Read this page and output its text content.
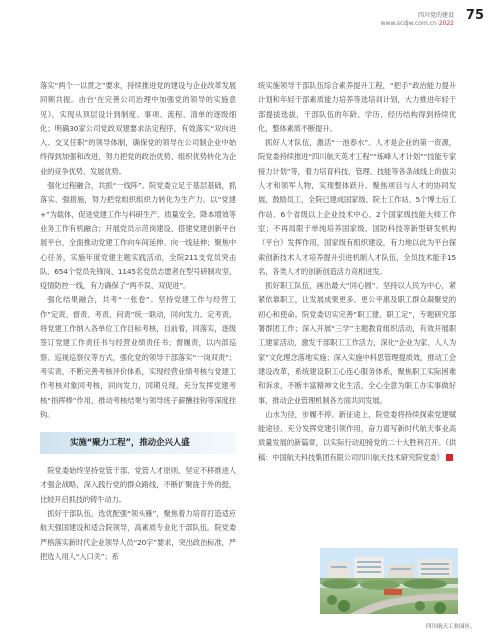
四川党的建设
www.scdjw.com.cn 2022
75

落实“两个一以贯之”要求，持续推进党的建设与企业改革发展同频共振。由台‘在完善公司治理中加强党的领导的实施意见》，实现从顶层设计到制度、事项、流程、清单的逐级细化；明确30家公司党政双建要求法定程序，有效落实“双向进入、交叉任职”的领导体制，确保党的领导在公司制企业中始终得到加强和改进，努力把党的政治优势、组织优势转化为企业的竞争优势、发展优势。

强化过程融合，共抓“一线阵”。院党委立足于基层基础，抓落实、强措施，努力把党组织组织力转化为生产力。以“党建+”为载体，促进党建工作与科研生产、质量安全、降本增效等业务工作有机融合；开展党员示范岗建设、搭建党建创新平台展平台，全面推动党建工作向车间延伸、向一线延伸；聚焦中心任务，实施年度党建主题实践活动，全院211支党员突击队、654个党员先锋岗、1145名党员志愿者在型号研制攻坚、疫情防控一线，有力确保了“两不误、双促进”。

强化结果融合，共考“一张卷”。坚持党建工作与经营工作“定责、督责、考责、问责”统一联动，同向发力。定考责，将党建工作纳入各单位工作目标考核，目前看，同落实，逐级签订党建工作责任书与经营业绩责任书；督履责，以内部巡察、巡视巡察仪等方式，强化党的领导干部落实“一岗双责”；考实责，不断完善考核评价体系，实现经营业绩考核与党建工作考核对象同考核，同向发力，同期兑现，充分发挥党建考核“指挥棒”作用，推动考核结果与领导班子薪酬挂钩等深度挂钩。

实施“聚力工程”，推动企兴人盛

院党委始终坚持党管干部、党管人才原则，坚定不移推进人才强企战略，深入践行党的群众路线，不断扩聚拢于外的挺，比较开启抓技的铸牛动力。

抓好干部队伍，选优配强“领头雁”，聚焦着力培育打造适应航天强国建设和适合院领导，高素质专业化干部队伍。院党委严格落实新时代企业领导人员“20字”要求，突出政治标准，严把选人用人“入口关”；系

统实施领导干部队伍综合素养提升工程，“把手”政治能力提升计划和年轻干部素质能力培养等选培训计划，大力推进年轻干部提拔选拔，干部队伍的年龄、学历、经历结构得到持续优化，整体素质不断提升。

抓好人才队伍，激活“一池春水”。人才是企业的第一资源，院党委持续推进“四川航天英才工程”“炼峰人才计划”“技能专家接力计划”等，着力培育科技、管理、技能等各条战线上的拔尖人才和领军人物，实现整体跃升。聚焦项目与人才的协同发展，鼓励员工，全院已建成国家级、院士工作站、5个博士后工作站、6个省级以上企业技术中心、2个国家级技能大师工作室；不再局限于单纯培养国家级、国防科技等新型研发机构（平台）发挥作用，国家级有组织建设，有力地以此为平台探索创新技术人才培养提升引进机制人才队伍，全员技术能手15名，各类人才的创新创造活力竞相迸发。

抓好职工队伍，画出最大“同心圆”。坚持以人民为中心，紧紧依靠职工，让发展成果更多、更公平惠及职工群众凝聚党的初心和使命。院党委切实完善“职工建、职工定”，专题研究部署群团工作；深入开展“三学”主题教育组织活动，有效开展职工建家活动，激发干部职工工作活力，深化“企业为家、人人为家”文化理念落地实施；深入实施中科思管理提质效，推动工会建设改革，系统建设职工心连心服务体系，聚焦职工实际困难和诉求，不断丰富精神文化生活，全心全意为职工办实事做好事，推动企业管理机制各方面共同发展。

山水为径，步履不停。新征途上，院党委将持续探索党建赋能途径、充分发挥党建引领作用，奋力谱写新时代航天事业高质量发展的新篇章，以实际行动迎接党的二十大胜利召开。（供稿：中国航天科技集团有限公司四川航天技术研究院党委）

四川航天工业园区。
